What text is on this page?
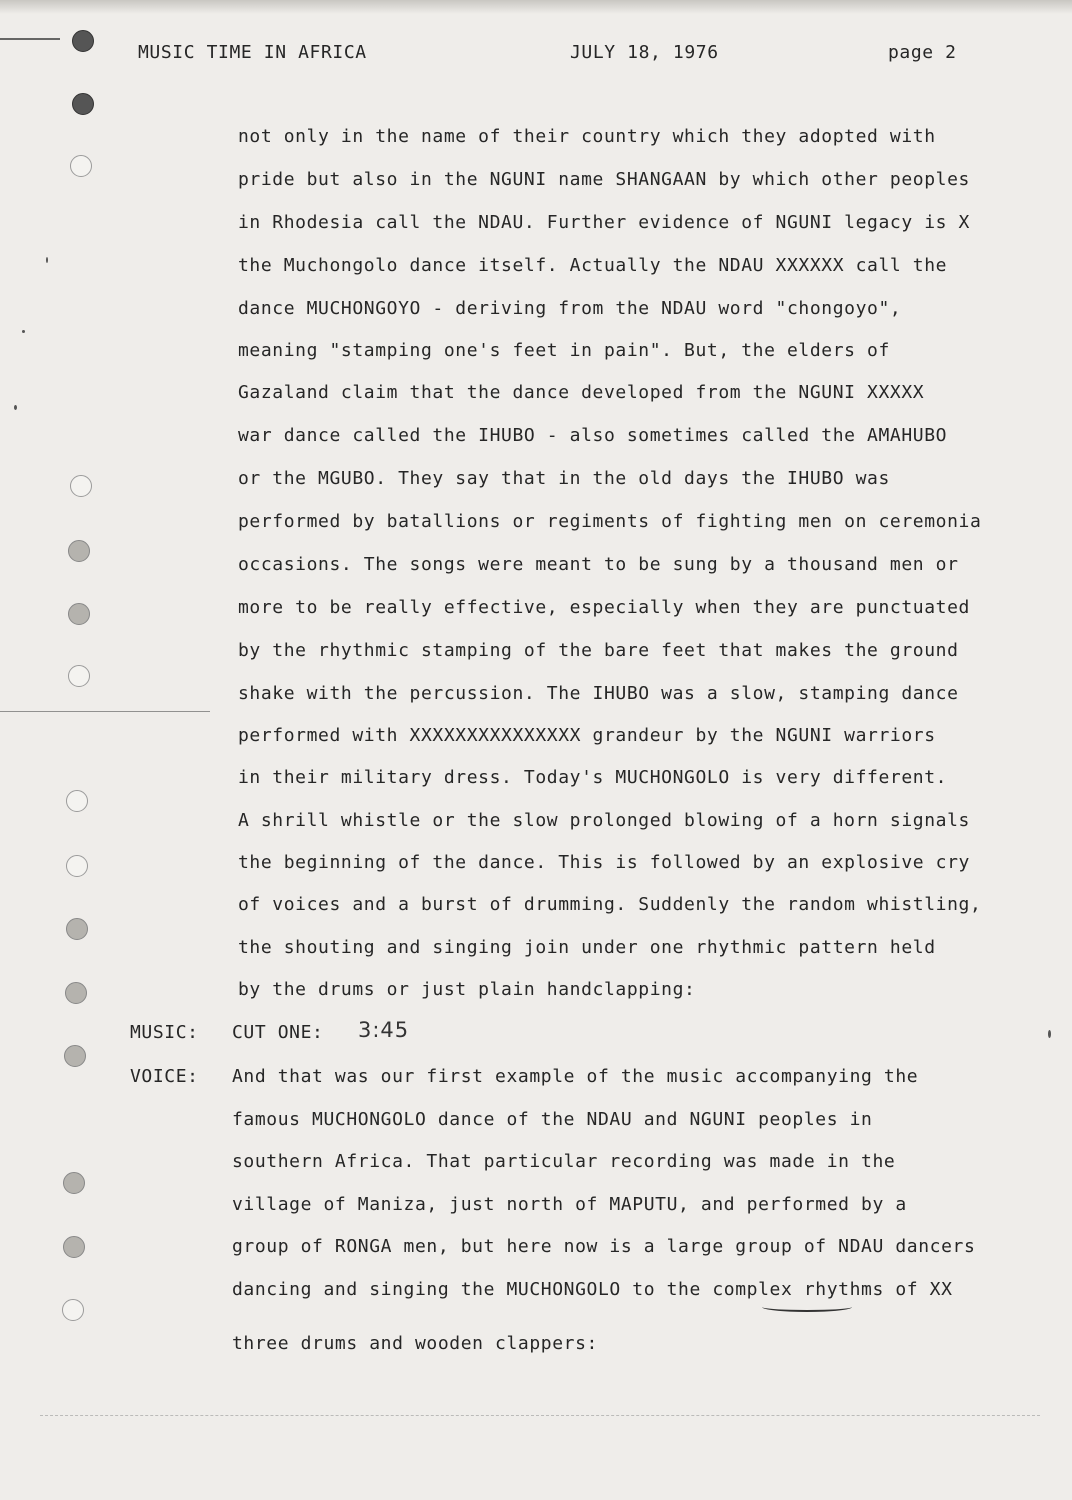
MUSIC TIME IN AFRICA	JULY 18, 1976	page 2
not only in the name of their country which they adopted with
pride but also in the NGUNI name SHANGAAN by which other peoples
in Rhodesia call the NDAU. Further evidence of NGUNI legacy is X
the Muchongolo dance itself. Actually the NDAU XXXXXX call the
dance MUCHONGOYO - deriving from the NDAU word "chongoyo",
meaning "stamping one's feet in pain". But, the elders of
Gazaland claim that the dance developed from the NGUNI XXXXX
war dance called the IHUBO - also sometimes called the AMAHUBO
or the MGUBO. They say that in the old days the IHUBO was
performed by batallions or regiments of fighting men on ceremonia
occasions. The songs were meant to be sung by a thousand men or
more to be really effective, especially when they are punctuated
by the rhythmic stamping of the bare feet that makes the ground
shake with the percussion. The IHUBO was a slow, stamping dance
performed with XXXXXXXXXXXXXXX grandeur by the NGUNI warriors
in their military dress. Today's MUCHONGOLO is very different.
A shrill whistle or the slow prolonged blowing of a horn signals
the beginning of the dance. This is followed by an explosive cry
of voices and a burst of drumming. Suddenly the random whistling,
the shouting and singing join under one rhythmic pattern held
by the drums or just plain handclapping:
MUSIC: CUT ONE: 3:45
VOICE: And that was our first example of the music accompanying the
famous MUCHONGOLO dance of the NDAU and NGUNI peoples in
southern Africa. That particular recording was made in the
village of Maniza, just north of MAPUTU, and performed by a
group of RONGA men, but here now is a large group of NDAU dancers
dancing and singing the MUCHONGOLO to the complex rhythms of XX
three drums and wooden clappers:
